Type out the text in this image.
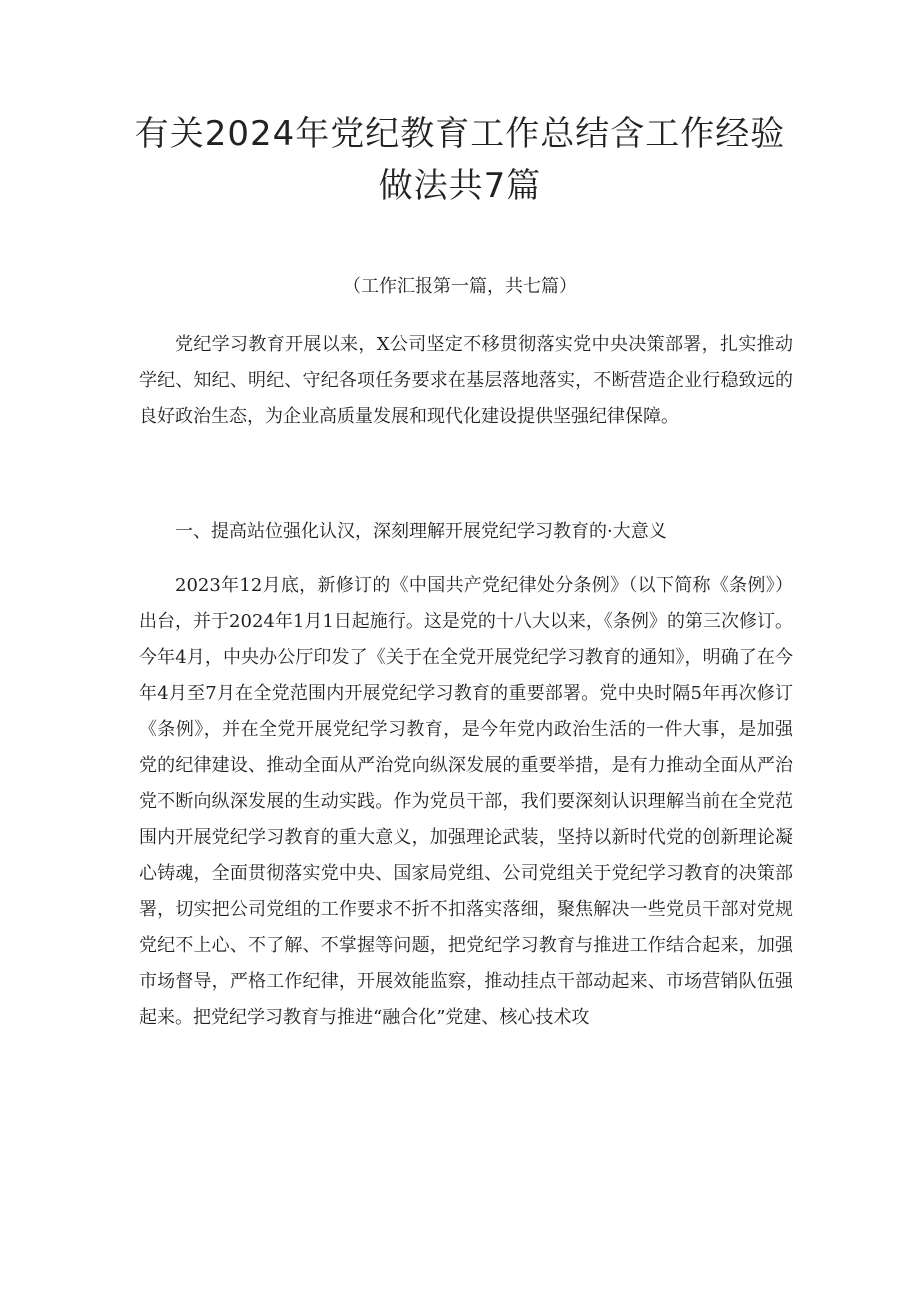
有关2024年党纪教育工作总结含工作经验做法共7篇
（工作汇报第一篇，共七篇）

党纪学习教育开展以来，X公司坚定不移贯彻落实党中央决策部署，扎实推动学纪、知纪、明纪、守纪各项任务要求在基层落地落实，不断营造企业行稳致远的良好政治生态，为企业高质量发展和现代化建设提供坚强纪律保障。

一、提高站位强化认汉，深刻理解开展党纪学习教育的·大意义

2023年12月底，新修订的《中国共产党纪律处分条例》（以下简称《条例》）出台，并于2024年1月1日起施行。这是党的十八大以来，《条例》的第三次修订。今年4月，中央办公厅印发了《关于在全党开展党纪学习教育的通知》，明确了在今年4月至7月在全党范围内开展党纪学习教育的重要部署。党中央时隔5年再次修订《条例》，并在全党开展党纪学习教育，是今年党内政治生活的一件大事，是加强党的纪律建设、推动全面从严治党向纵深发展的重要举措，是有力推动全面从严治党不断向纵深发展的生动实践。作为党员干部，我们要深刻认识理解当前在全党范围内开展党纪学习教育的重大意义，加强理论武装，坚持以新时代党的创新理论凝心铸魂，全面贯彻落实党中央、国家局党组、公司党组关于党纪学习教育的决策部署，切实把公司党组的工作要求不折不扣落实落细，聚焦解决一些党员干部对党规党纪不上心、不了解、不掌握等问题，把党纪学习教育与推进工作结合起来，加强市场督导，严格工作纪律，开展效能监察，推动挂点干部动起来、市场营销队伍强起来。把党纪学习教育与推进“融合化”党建、核心技术攻
